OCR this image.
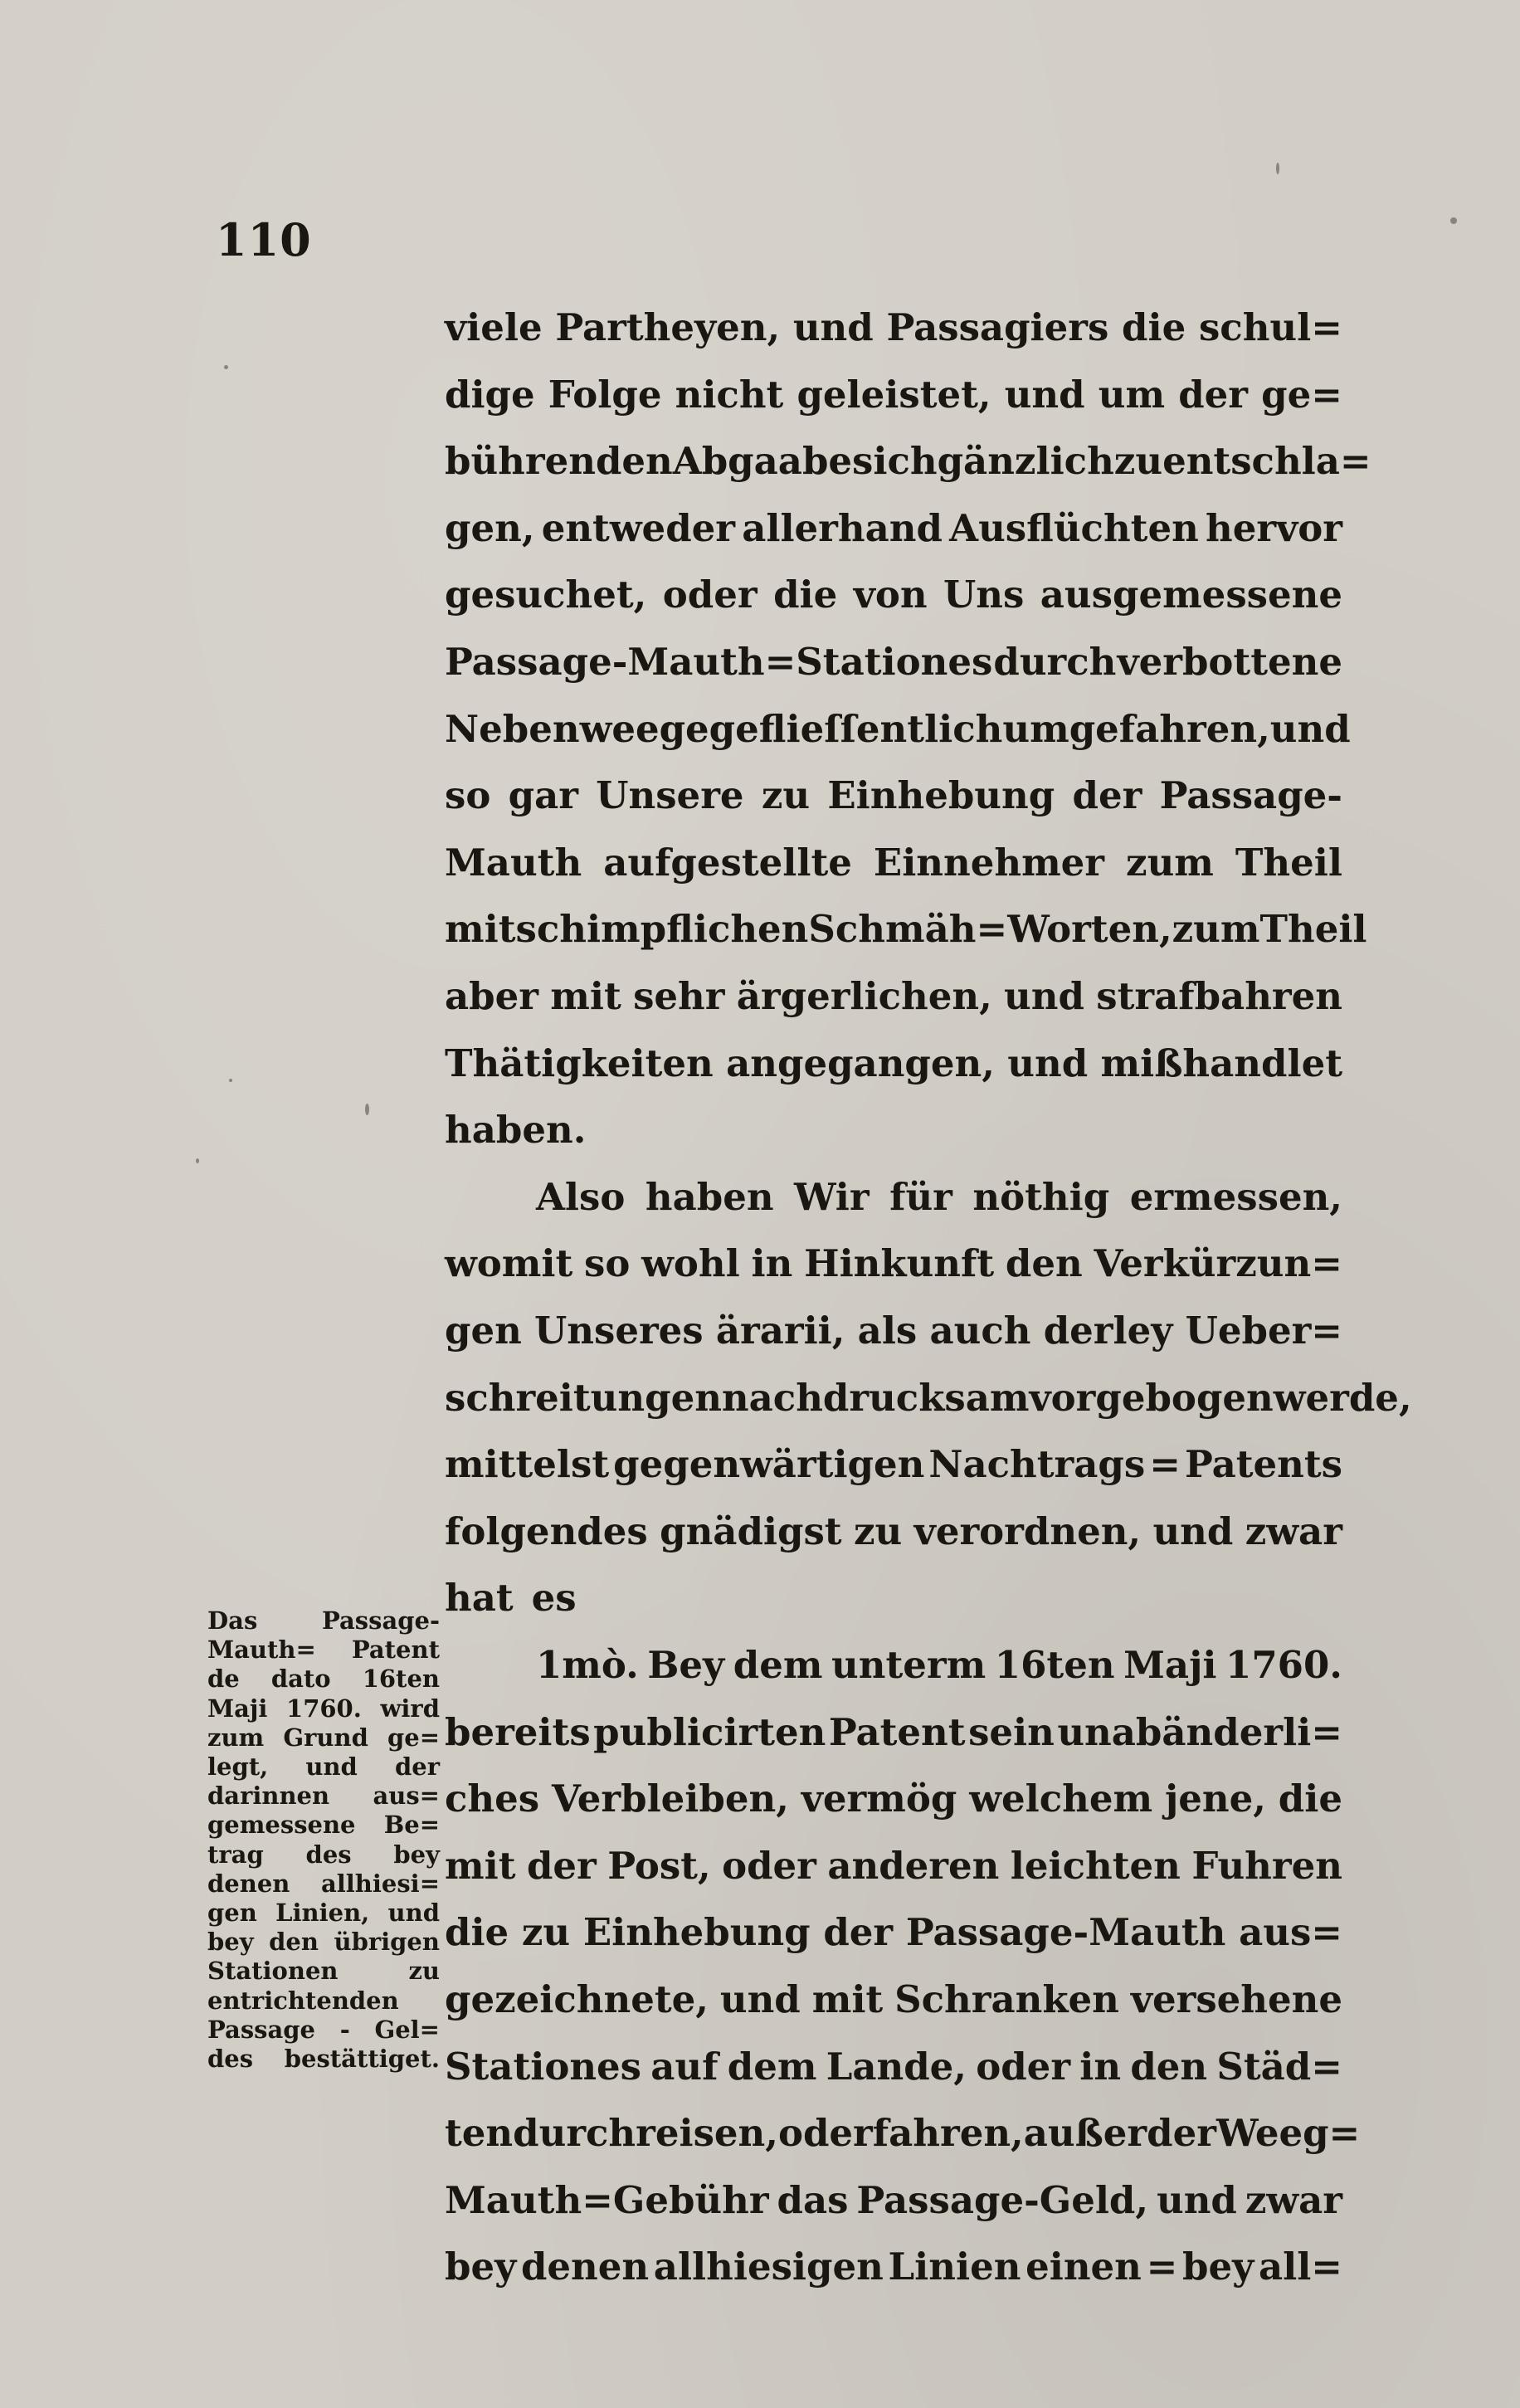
110
viele Partheyen, und Passagiers die schul=
dige Folge nicht geleistet, und um der ge=
bührenden Abgaabe sich gänzlich zu entschla=
gen, entweder allerhand Ausflüchten hervor
gesuchet, oder die von Uns ausgemessene
Passage-Mauth=Stationes durch verbottene
Nebenweege geflieſſentlich umgefahren, und
so gar Unsere zu Einhebung der Passage-
Mauth aufgestellte Einnehmer zum Theil
mit schimpflichen Schmäh=Worten, zum Theil
aber mit sehr ärgerlichen, und strafbahren
Thätigkeiten angegangen, und mißhandlet
haben.
Also haben Wir für nöthig ermessen,
womit so wohl in Hinkunft den Verkürzun=
gen Unseres ärarii, als auch derley Ueber=
schreitungen nachdrucksam vorgebogen werde,
mittelst gegenwärtigen Nachtrags = Patents
folgendes gnädigst zu verordnen, und zwar
hat es
1mò. Bey dem unterm 16ten Maji 1760.
bereits publicirten Patent sein unabänderli=
ches Verbleiben, vermög welchem jene, die
mit der Post, oder anderen leichten Fuhren
die zu Einhebung der Passage-Mauth aus=
gezeichnete, und mit Schranken versehene
Stationes auf dem Lande, oder in den Städ=
ten durchreisen, oder fahren, außer der Weeg=
Mauth=Gebühr das Passage-Geld, und zwar
bey denen allhiesigen Linien einen = bey all=
Das	Passage-
Mauth= Patent
de dato 16ten
Maji 1760. wird
zum Grund ge=
legt, und der
darinnen aus=
gemessene Be=
trag des bey
denen allhiesi=
gen Linien, und
bey den übrigen
Stationen	zu
entrichtenden
Passage - Gel=
des bestättiget.
